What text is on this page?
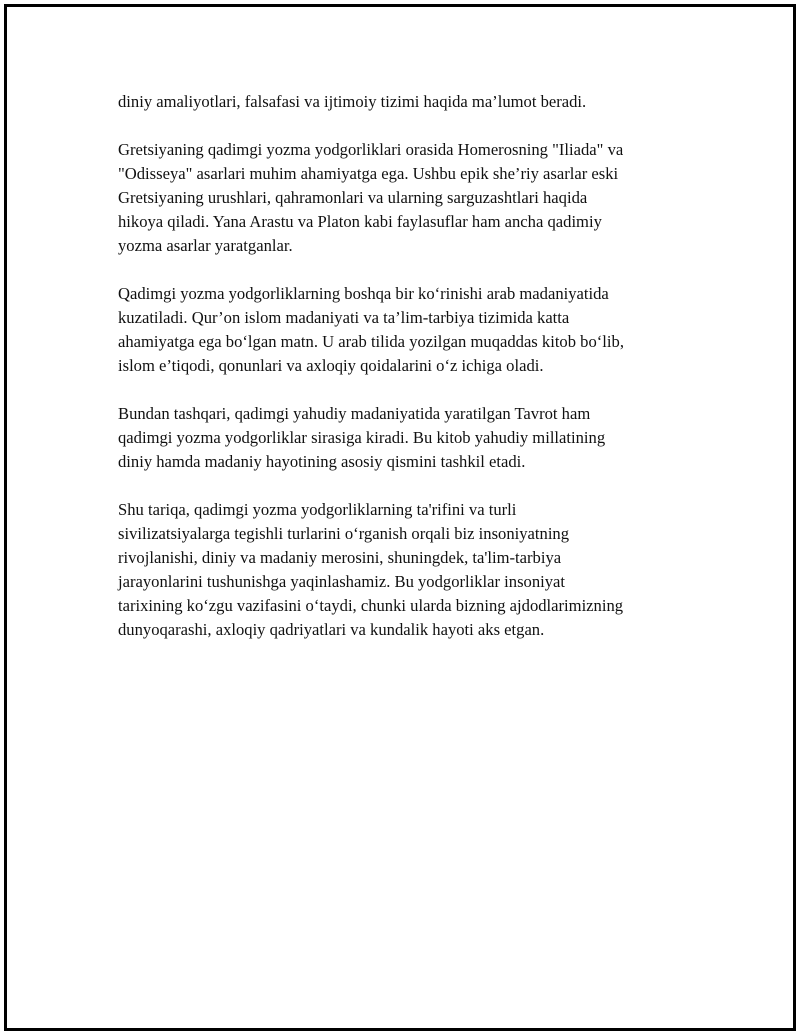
diniy amaliyotlari, falsafasi va ijtimoiy tizimi haqida ma’lumot beradi.

Gretsiyaning qadimgi yozma yodgorliklari orasida Homerosning "Iliada" va
"Odisseya" asarlari muhim ahamiyatga ega. Ushbu epik she’riy asarlar eski
Gretsiyaning urushlari, qahramonlari va ularning sarguzashtlari haqida
hikoya qiladi. Yana Arastu va Platon kabi faylasuflar ham ancha qadimiy
yozma asarlar yaratganlar.

Qadimgi yozma yodgorliklarning boshqa bir ko‘rinishi arab madaniyatida
kuzatiladi. Qur’on islom madaniyati va ta’lim-tarbiya tizimida katta
ahamiyatga ega bo‘lgan matn. U arab tilida yozilgan muqaddas kitob bo‘lib,
islom e’tiqodi, qonunlari va axloqiy qoidalarini o‘z ichiga oladi.

Bundan tashqari, qadimgi yahudiy madaniyatida yaratilgan Tavrot ham
qadimgi yozma yodgorliklar sirasiga kiradi. Bu kitob yahudiy millatining
diniy hamda madaniy hayotining asosiy qismini tashkil etadi.

Shu tariqa, qadimgi yozma yodgorliklarning ta'rifini va turli
sivilizatsiyalarga tegishli turlarini o‘rganish orqali biz insoniyatning
rivojlanishi, diniy va madaniy merosini, shuningdek, ta'lim-tarbiya
jarayonlarini tushunishga yaqinlashamiz. Bu yodgorliklar insoniyat
tarixining ko‘zgu vazifasini o‘taydi, chunki ularda bizning ajdodlarimizning
dunyoqarashi, axloqiy qadriyatlari va kundalik hayoti aks etgan.
